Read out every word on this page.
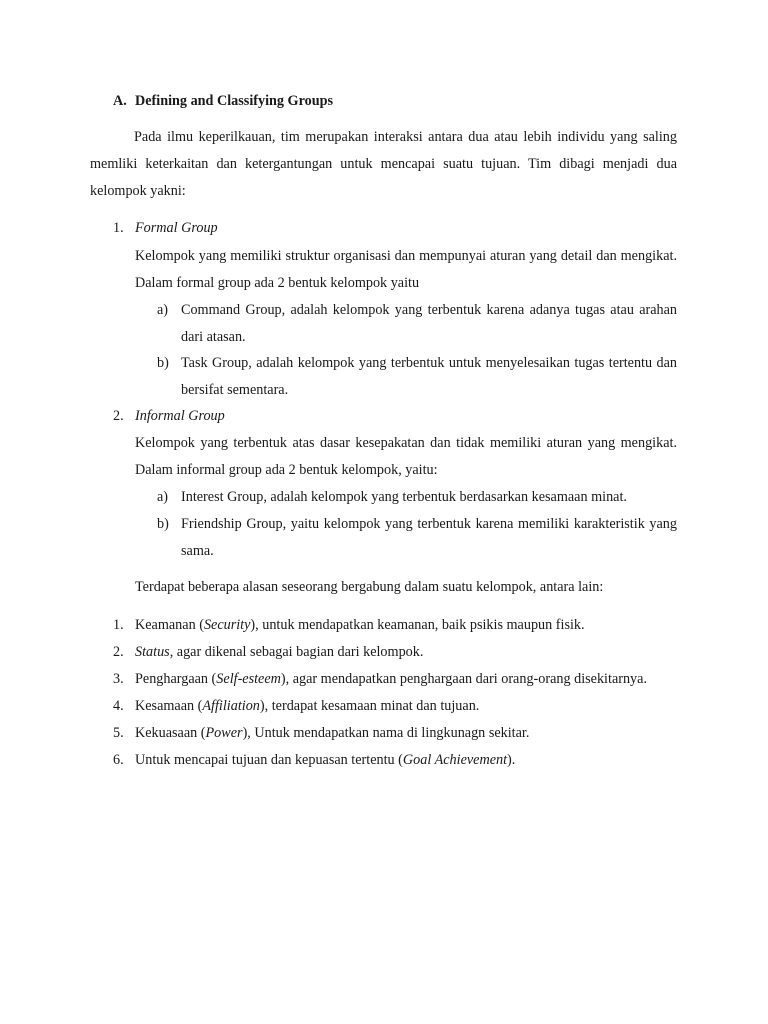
A. Defining and Classifying Groups
Pada ilmu keperilkauan, tim merupakan interaksi antara dua atau lebih individu yang saling memliki keterkaitan dan ketergantungan untuk mencapai suatu tujuan. Tim dibagi menjadi dua kelompok yakni:
1. Formal Group
Kelompok yang memiliki struktur organisasi dan mempunyai aturan yang detail dan mengikat. Dalam formal group ada 2 bentuk kelompok yaitu
a) Command Group, adalah kelompok yang terbentuk karena adanya tugas atau arahan dari atasan.
b) Task Group, adalah kelompok yang terbentuk untuk menyelesaikan tugas tertentu dan bersifat sementara.
2. Informal Group
Kelompok yang terbentuk atas dasar kesepakatan dan tidak memiliki aturan yang mengikat. Dalam informal group ada 2 bentuk kelompok, yaitu:
a) Interest Group, adalah kelompok yang terbentuk berdasarkan kesamaan minat.
b) Friendship Group, yaitu kelompok yang terbentuk karena memiliki karakteristik yang sama.
Terdapat beberapa alasan seseorang bergabung dalam suatu kelompok, antara lain:
1. Keamanan (Security), untuk mendapatkan keamanan, baik psikis maupun fisik.
2. Status, agar dikenal sebagai bagian dari kelompok.
3. Penghargaan (Self-esteem), agar mendapatkan penghargaan dari orang-orang disekitarnya.
4. Kesamaan (Affiliation), terdapat kesamaan minat dan tujuan.
5. Kekuasaan (Power), Untuk mendapatkan nama di lingkunagn sekitar.
6. Untuk mencapai tujuan dan kepuasan tertentu (Goal Achievement).
